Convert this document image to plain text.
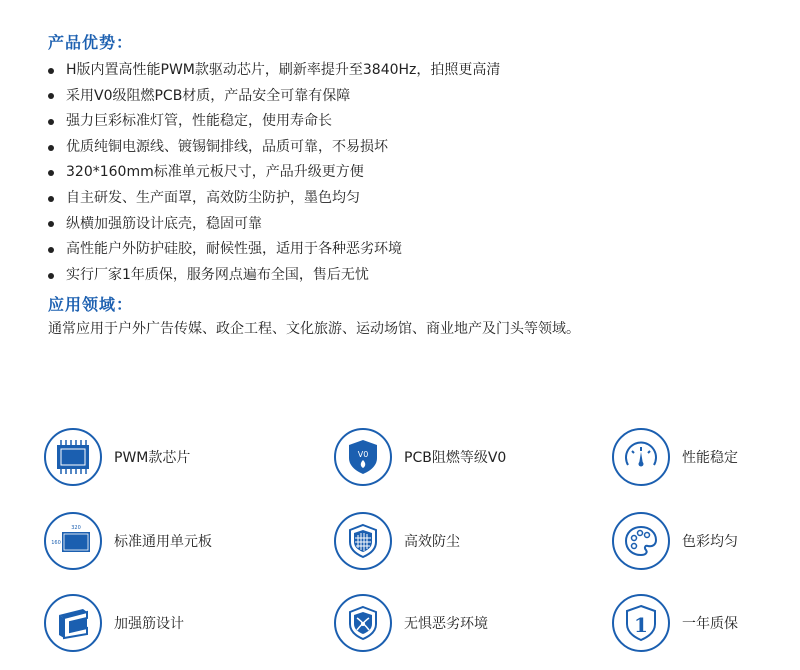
产品优势：
H版内置高性能PWM款驱动芯片，刷新率提升至3840Hz，拍照更高清
采用V0级阻燃PCB材质，产品安全可靠有保障
强力巨彩标准灯管，性能稳定，使用寿命长
优质纯铜电源线、镀锡铜排线，品质可靠，不易损坏
320*160mm标准单元板尺寸，产品升级更方便
自主研发、生产面罩，高效防尘防护，墨色均匀
纵横加强筋设计底壳，稳固可靠
高性能户外防护硅胶，耐候性强，适用于各种恶劣环境
实行厂家1年质保，服务网点遍布全国，售后无忧
应用领域：
通常应用于户外广告传媒、政企工程、文化旅游、运动场馆、商业地产及门头等领域。
PWM款芯片	V0	PCB阻燃等级V0	性能稳定
320
160	标准通用单元板	高效防尘	色彩均匀
加强筋设计	无惧恶劣环境	1 一年质保
